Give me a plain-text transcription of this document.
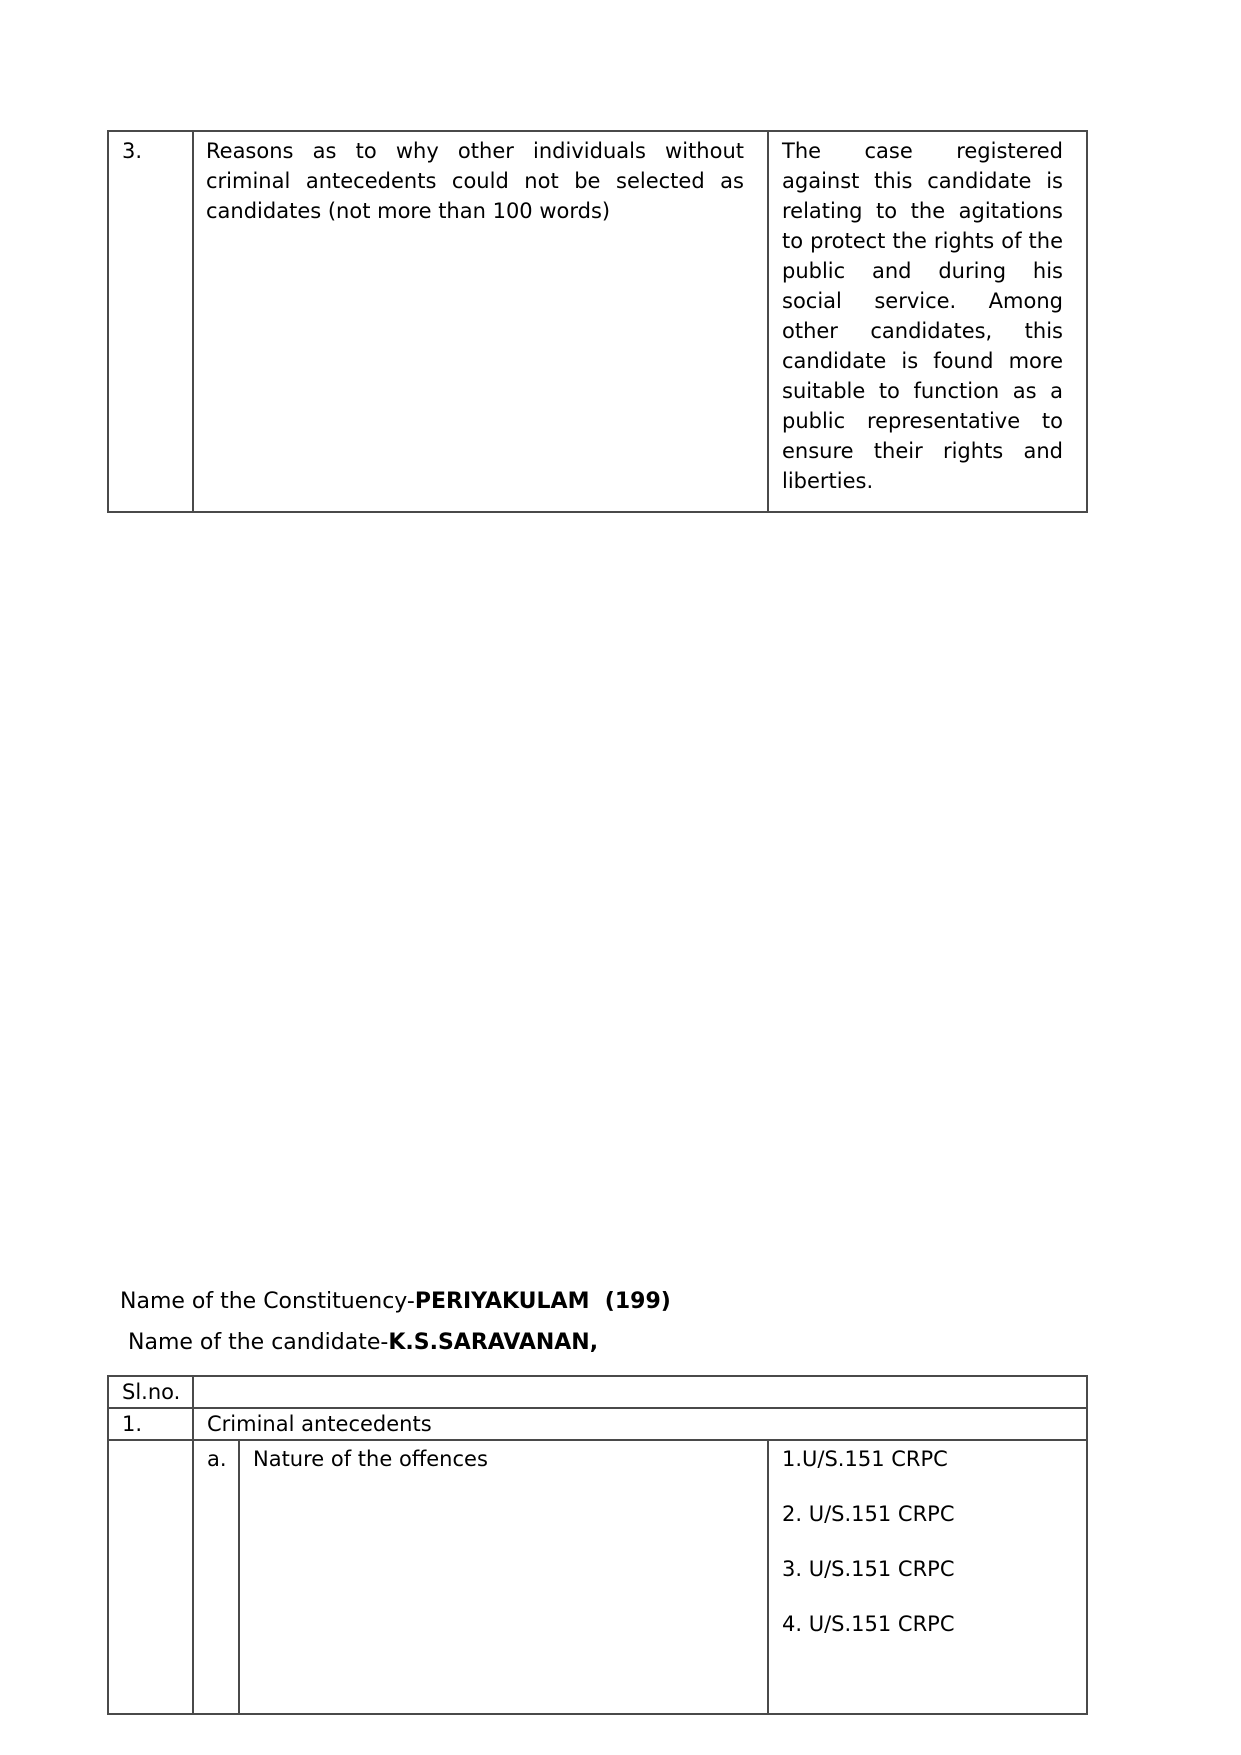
3.	Reasons as to why other individuals without criminal antecedents could not be selected as candidates (not more than 100 words)	The case registered against this candidate is relating to the agitations to protect the rights of the public and during his social service. Among other candidates, this candidate is found more suitable to function as a public representative to ensure their rights and liberties.
Name of the Constituency-PERIYAKULAM  (199)
Name of the candidate-K.S.SARAVANAN,
Sl.no.			
1.	Criminal antecedents		
	a.	Nature of the offences	1.U/S.151 CRPC

2. U/S.151 CRPC

3. U/S.151 CRPC

4. U/S.151 CRPC
